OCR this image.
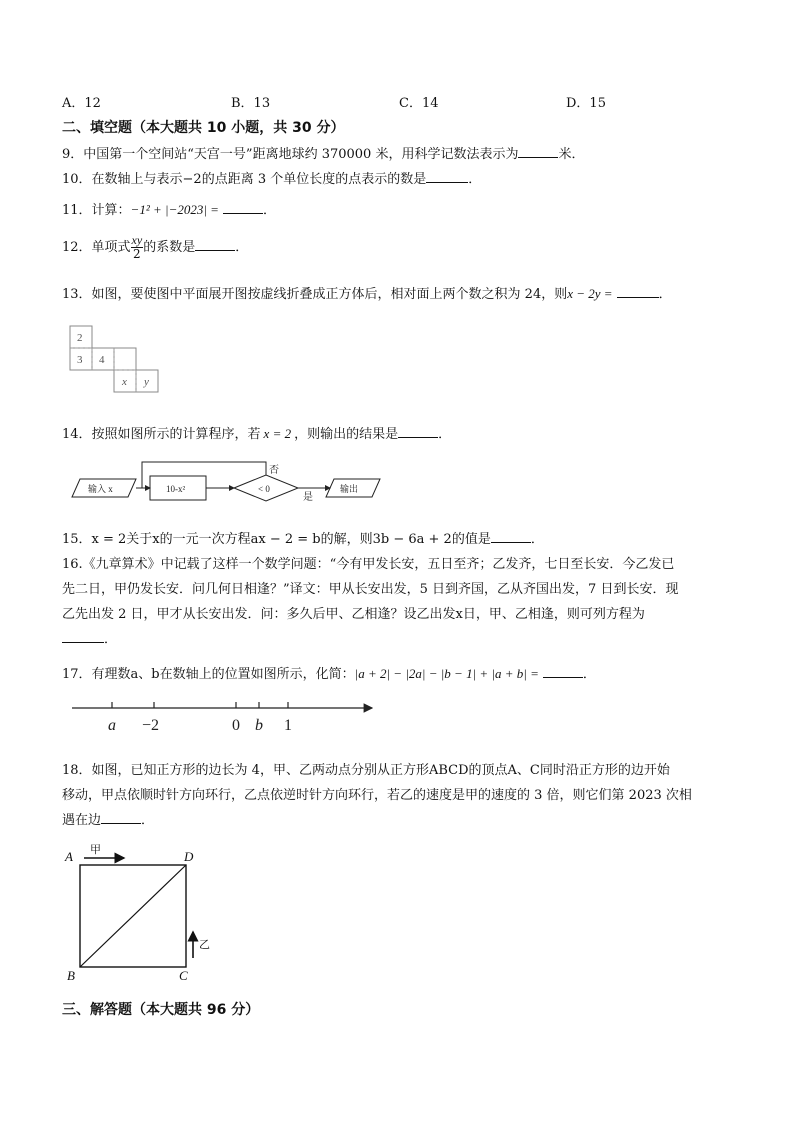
A．12	B．13	C．14	D．15
二、填空题（本大题共 10 小题，共 30 分）
9．中国第一个空间站“天宫一号”距离地球约 370000 米，用科学记数法表示为	米．
10．在数轴上与表示−2的点距离 3 个单位长度的点表示的数是	．
11．计算：−1² + |−2023| =	．
12．单项式 $\frac{xy}{2}$ 的系数是	．
13．如图，要使图中平面展开图按虚线折叠成正方体后，相对面上两个数之积为 24，则x − 2y =	．
2
3 4
x y
14．按照如图所示的计算程序，若 x = 2 ，则输出的结果是	．
输入 x	10-x²	< 0
否
是
输出
15．x = 2关于x的一元一次方程ax − 2 = b的解，则3b − 6a + 2的值是	．
16.《九章算术》中记载了这样一个数学问题：“今有甲发长安，五日至齐；乙发齐，七日至长安．今乙发已
先二日，甲仍发长安．问几何日相逢？”译文：甲从长安出发，5 日到齐国，乙从齐国出发，7 日到长安．现
乙先出发 2 日，甲才从长安出发．问：多久后甲、乙相逢？设乙出发x日，甲、乙相逢，则可列方程为
．
17．有理数a、b在数轴上的位置如图所示，化简：|a + 2| − |2a| − |b − 1| + |a + b| =	．
a −2	0 b 1
18．如图，已知正方形的边长为 4，甲、乙两动点分别从正方形ABCD的顶点A、C同时沿正方形的边开始
移动，甲点依顺时针方向环行，乙点依逆时针方向环行，若乙的速度是甲的速度的 3 倍，则它们第 2023 次相
遇在边	．
A	D
B	C
甲
乙
三、解答题（本大题共 96 分）
